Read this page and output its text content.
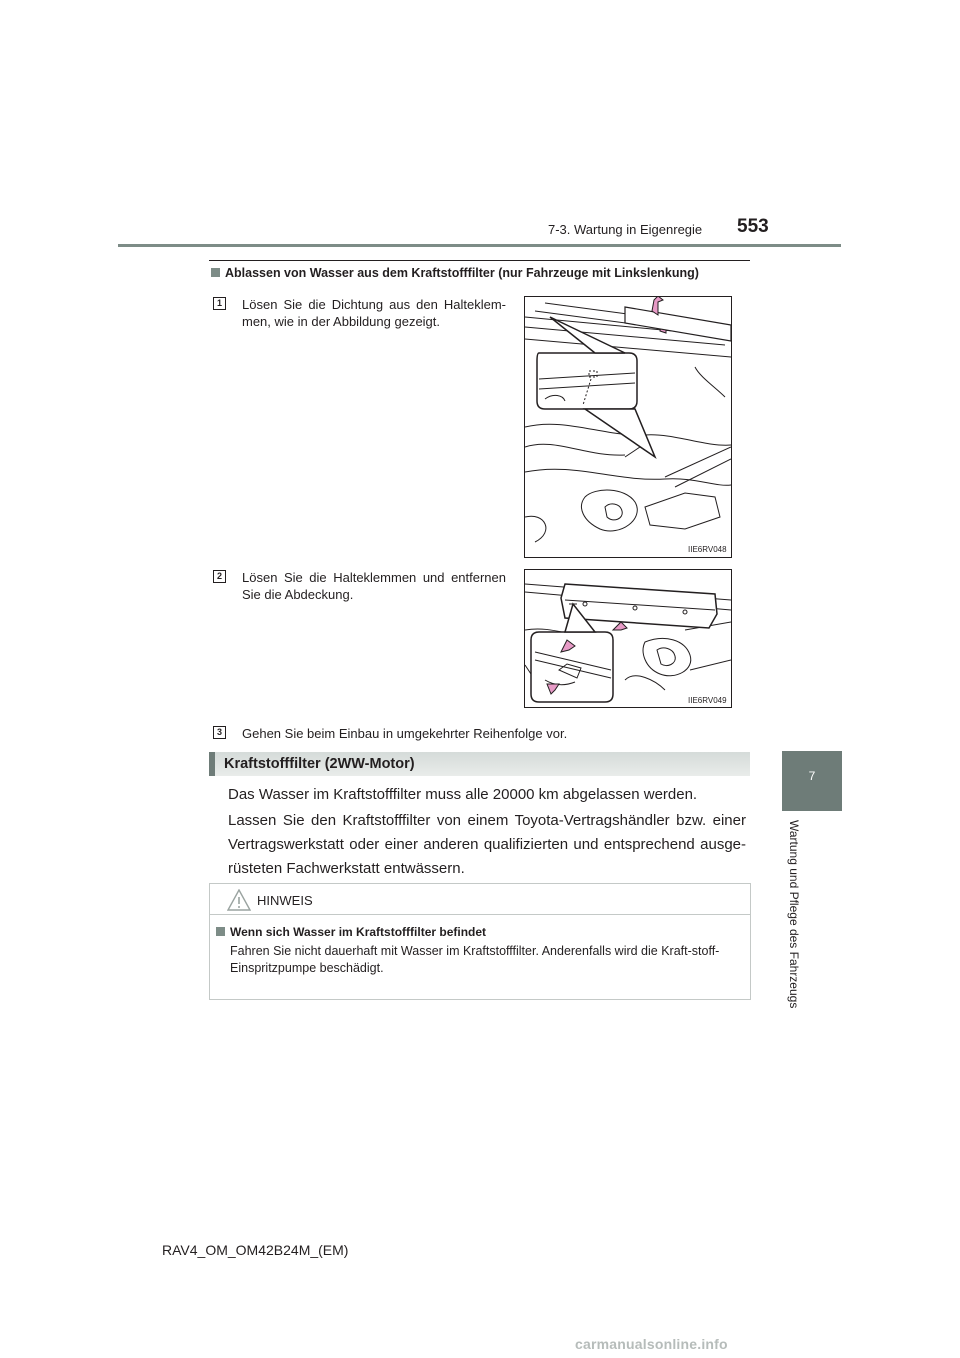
7-3. Wartung in Eigenregie 553
7
Wartung und Pflege des Fahrzeugs
Ablassen von Wasser aus dem Kraftstofffilter (nur Fahrzeuge mit Linkslenkung)
1	Lösen Sie die Dichtung aus den Halteklem-men, wie in der Abbildung gezeigt.
IIE6RV048
2	Lösen Sie die Halteklemmen und entfernen Sie die Abdeckung.
IIE6RV049
3	Gehen Sie beim Einbau in umgekehrter Reihenfolge vor.
Kraftstofffilter (2WW-Motor)
Das Wasser im Kraftstofffilter muss alle 20000 km abgelassen werden.
Lassen Sie den Kraftstofffilter von einem Toyota-Vertragshändler bzw. einer Vertragswerkstatt oder einer anderen qualifizierten und entsprechend ausge-rüsteten Fachwerkstatt entwässern.
HINWEIS
Wenn sich Wasser im Kraftstofffilter befindet
Fahren Sie nicht dauerhaft mit Wasser im Kraftstofffilter. Anderenfalls wird die Kraft-stoff-Einspritzpumpe beschädigt.
RAV4_OM_OM42B24M_(EM)
carmanualsonline.info
